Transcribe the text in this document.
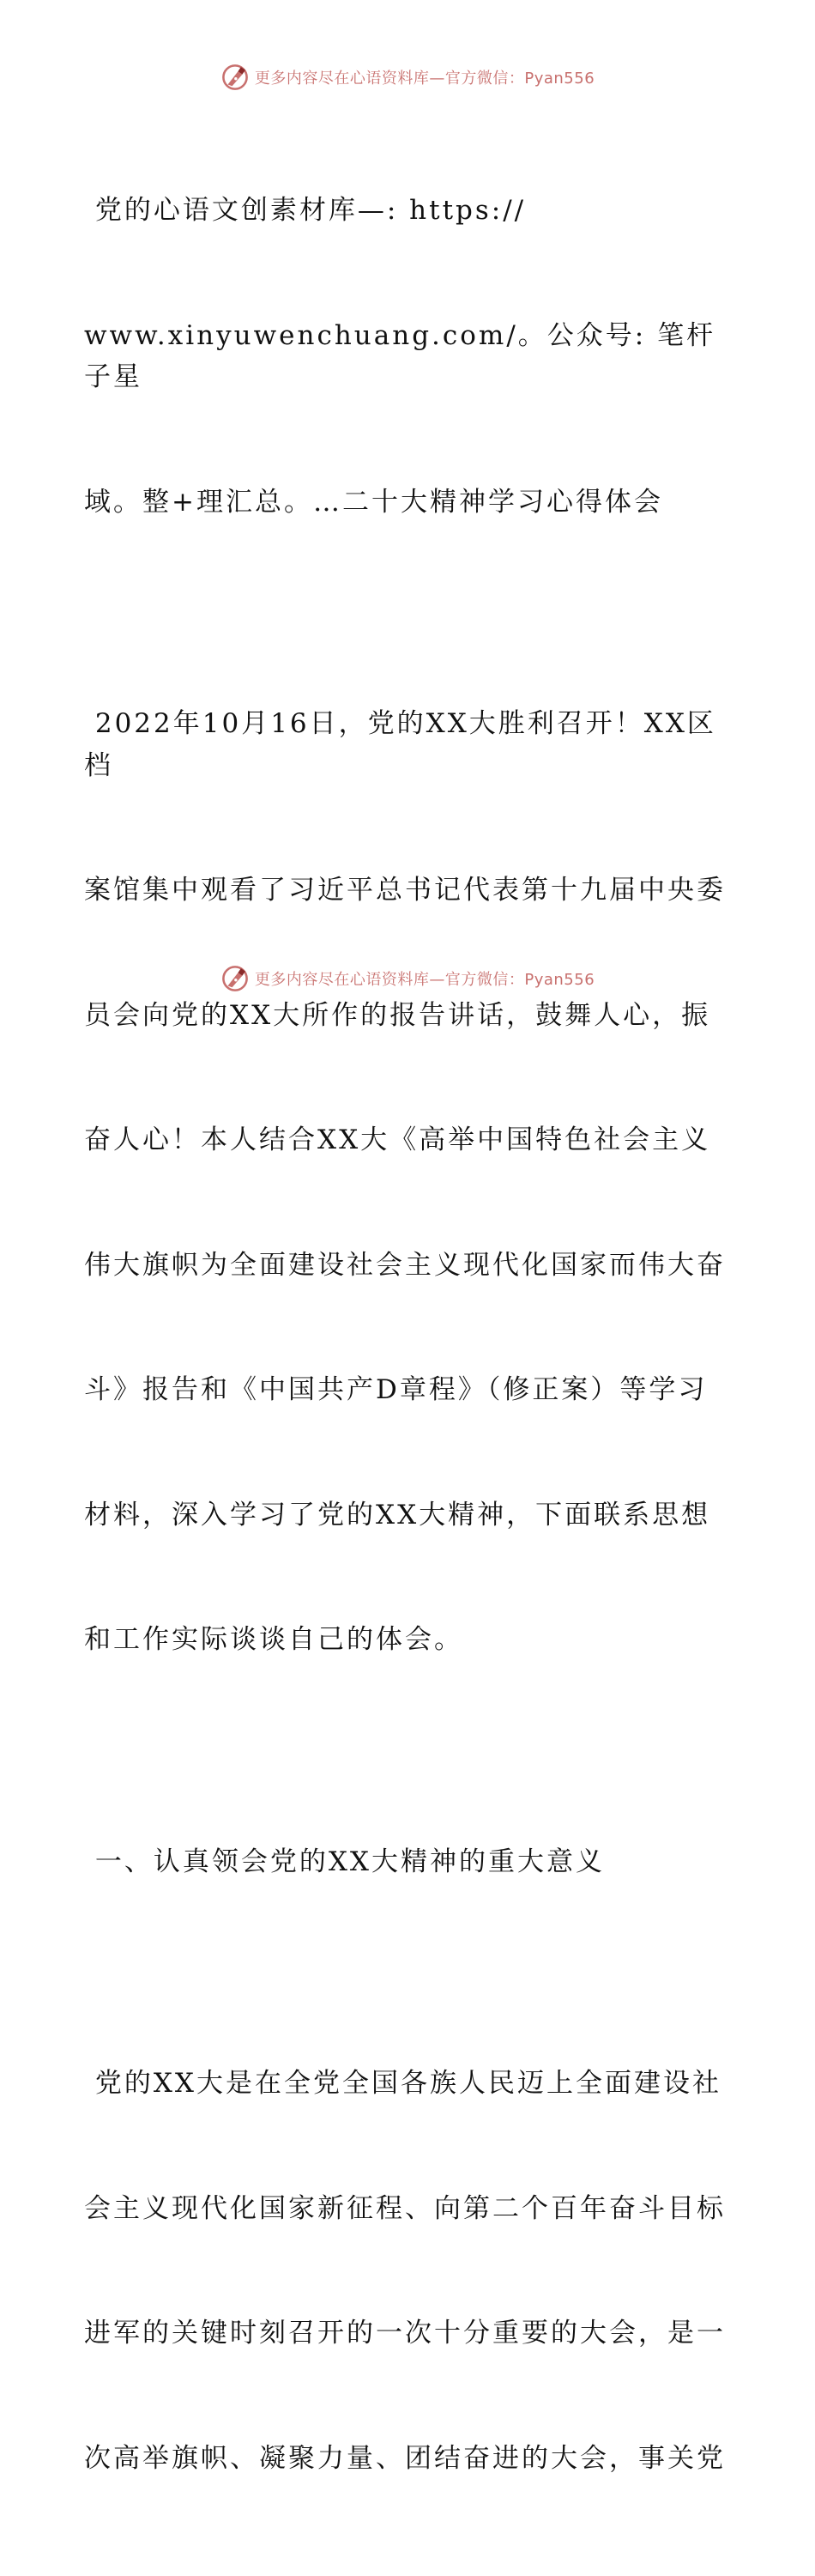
更多内容尽在心语资料库—官方微信：Pyan556

党的心语文创素材库—: https://

www.xinyuwenchuang.com/。公众号: 笔杆子星

域。整+理汇总。…二十大精神学习心得体会

2022年10月16日，党的XX大胜利召开！XX区档

案馆集中观看了习近平总书记代表第十九届中央委

员会向党的XX大所作的报告讲话，鼓舞人心，振

奋人心！本人结合XX大《高举中国特色社会主义

伟大旗帜为全面建设社会主义现代化国家而伟大奋

斗》报告和《中国共产D章程》（修正案）等学习

材料，深入学习了党的XX大精神，下面联系思想

和工作实际谈谈自己的体会。

一、认真领会党的XX大精神的重大意义

党的XX大是在全党全国各族人民迈上全面建设社

会主义现代化国家新征程、向第二个百年奋斗目标

进军的关键时刻召开的一次十分重要的大会，是一

次高举旗帜、凝聚力量、团结奋进的大会，事关党

更多内容尽在心语资料库—官方微信：Pyan556
